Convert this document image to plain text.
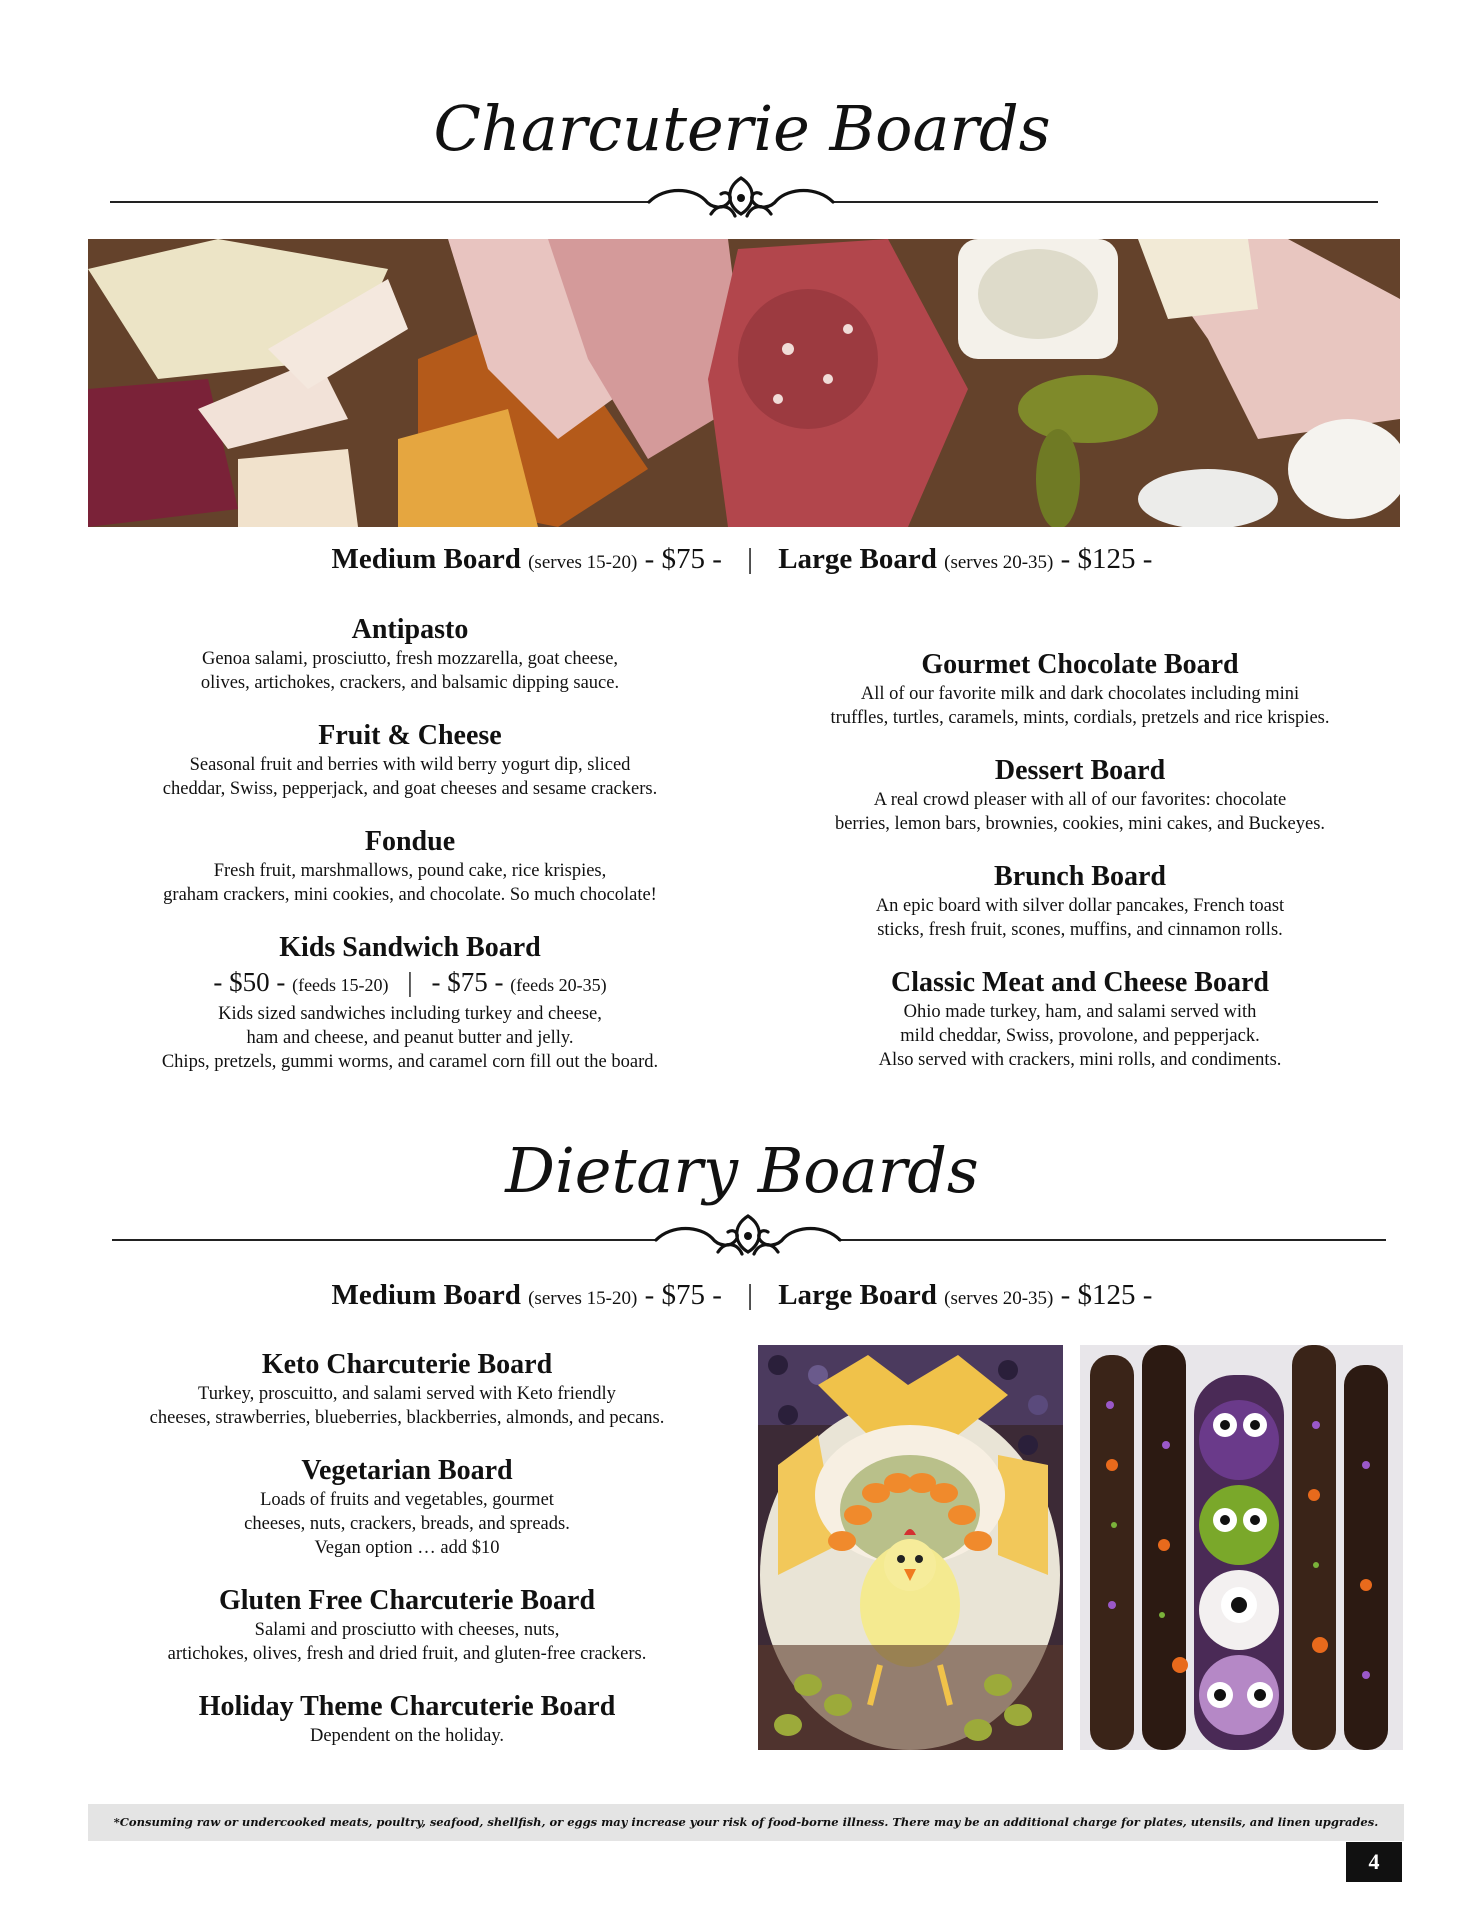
Charcuterie Boards
Medium Board (serves 15-20) - $75 - | Large Board (serves 20-35) - $125 -
Antipasto
Genoa salami, prosciutto, fresh mozzarella, goat cheese,
olives, artichokes, crackers, and balsamic dipping sauce.
Fruit & Cheese
Seasonal fruit and berries with wild berry yogurt dip, sliced
cheddar, Swiss, pepperjack, and goat cheeses and sesame crackers.
Fondue
Fresh fruit, marshmallows, pound cake, rice krispies,
graham crackers, mini cookies, and chocolate. So much chocolate!
Kids Sandwich Board
- $50 - (feeds 15-20) | - $75 - (feeds 20-35)
Kids sized sandwiches including turkey and cheese,
ham and cheese, and peanut butter and jelly.
Chips, pretzels, gummi worms, and caramel corn fill out the board.
Gourmet Chocolate Board
All of our favorite milk and dark chocolates including mini
truffles, turtles, caramels, mints, cordials, pretzels and rice krispies.
Dessert Board
A real crowd pleaser with all of our favorites: chocolate
berries, lemon bars, brownies, cookies, mini cakes, and Buckeyes.
Brunch Board
An epic board with silver dollar pancakes, French toast
sticks, fresh fruit, scones, muffins, and cinnamon rolls.
Classic Meat and Cheese Board
Ohio made turkey, ham, and salami served with
mild cheddar, Swiss, provolone, and pepperjack.
Also served with crackers, mini rolls, and condiments.
Dietary Boards
Medium Board (serves 15-20) - $75 - | Large Board (serves 20-35) - $125 -
Keto Charcuterie Board
Turkey, proscuitto, and salami served with Keto friendly
cheeses, strawberries, blueberries, blackberries, almonds, and pecans.
Vegetarian Board
Loads of fruits and vegetables, gourmet
cheeses, nuts, crackers, breads, and spreads.
Vegan option … add $10
Gluten Free Charcuterie Board
Salami and prosciutto with cheeses, nuts,
artichokes, olives, fresh and dried fruit, and gluten-free crackers.
Holiday Theme Charcuterie Board
Dependent on the holiday.
*Consuming raw or undercooked meats, poultry, seafood, shellfish, or eggs may increase your risk of food-borne illness. There may be an additional charge for plates, utensils, and linen upgrades.
4
